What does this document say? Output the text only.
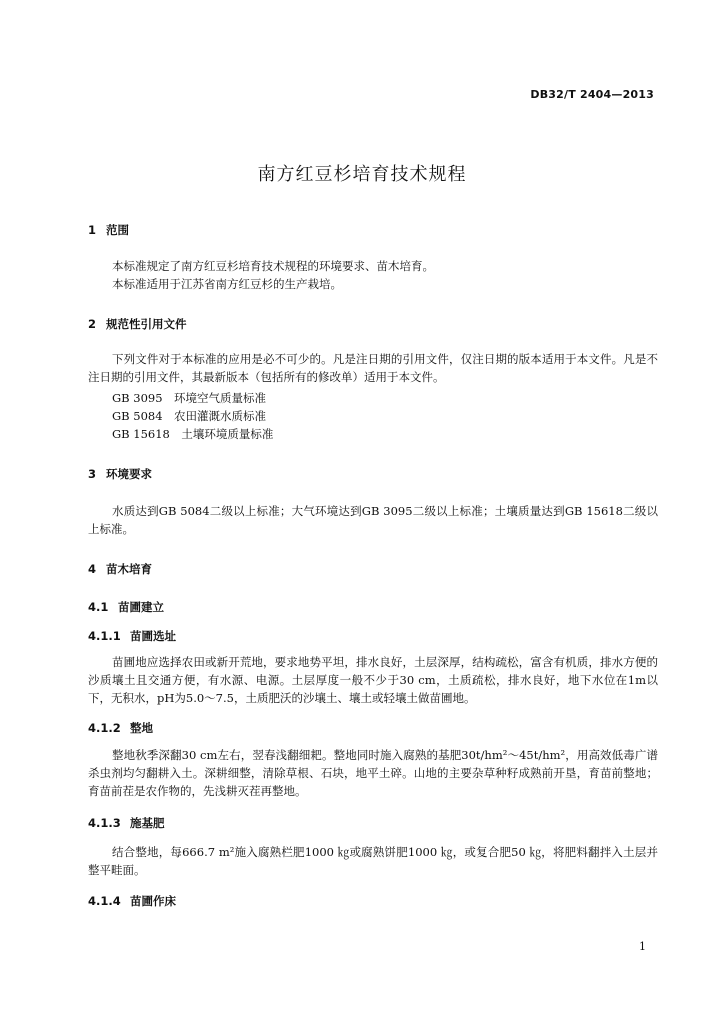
DB32/T 2404—2013
南方红豆杉培育技术规程
1 范围
本标准规定了南方红豆杉培育技术规程的环境要求、苗木培育。
本标准适用于江苏省南方红豆杉的生产栽培。
2 规范性引用文件
下列文件对于本标准的应用是必不可少的。凡是注日期的引用文件，仅注日期的版本适用于本文件。凡是不注日期的引用文件，其最新版本（包括所有的修改单）适用于本文件。
GB 3095　环境空气质量标准
GB 5084　农田灌溉水质标准
GB 15618　土壤环境质量标准
3 环境要求
水质达到GB 5084二级以上标准；大气环境达到GB 3095二级以上标准；土壤质量达到GB 15618二级以上标准。
4 苗木培育
4.1 苗圃建立
4.1.1 苗圃选址
苗圃地应选择农田或新开荒地，要求地势平坦，排水良好，土层深厚，结构疏松，富含有机质，排水方便的沙质壤土且交通方便，有水源、电源。土层厚度一般不少于30 cm，土质疏松，排水良好，地下水位在1m以下，无积水，pH为5.0～7.5，土质肥沃的沙壤土、壤土或轻壤土做苗圃地。
4.1.2 整地
整地秋季深翻30 cm左右，翌春浅翻细耙。整地同时施入腐熟的基肥30t/hm²～45t/hm²，用高效低毒广谱杀虫剂均匀翻耕入土。深耕细整，清除草根、石块，地平土碎。山地的主要杂草种籽成熟前开垦，育苗前整地；育苗前茬是农作物的，先浅耕灭茬再整地。
4.1.3 施基肥
结合整地，每666.7 m²施入腐熟栏肥1000 ㎏或腐熟饼肥1000 ㎏，或复合肥50 ㎏，将肥料翻拌入土层并整平畦面。
4.1.4 苗圃作床
1
